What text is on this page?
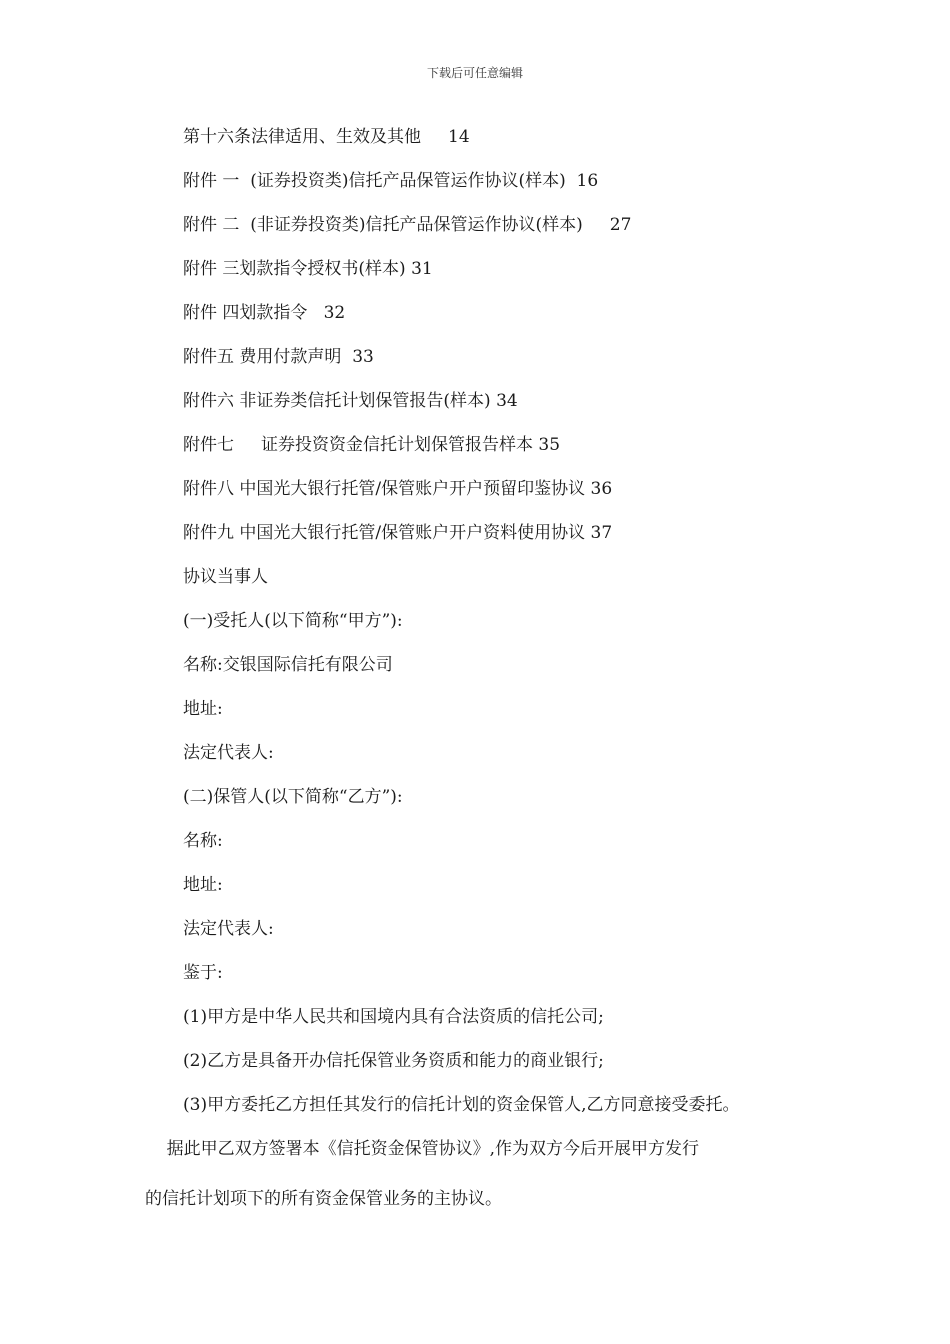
下载后可任意编辑
第十六条法律适用、生效及其他     14
附件 一  (证券投资类)信托产品保管运作协议(样本)  16
附件 二  (非证券投资类)信托产品保管运作协议(样本)     27
附件 三划款指令授权书(样本) 31
附件 四划款指令   32
附件五 费用付款声明  33
附件六 非证券类信托计划保管报告(样本) 34
附件七     证券投资资金信托计划保管报告样本 35
附件八 中国光大银行托管/保管账户开户预留印鉴协议 36
附件九 中国光大银行托管/保管账户开户资料使用协议 37
协议当事人
(一)受托人(以下简称“甲方”):
名称:交银国际信托有限公司
地址:
法定代表人:
(二)保管人(以下简称“乙方”):
名称:
地址:
法定代表人:
鉴于:
(1)甲方是中华人民共和国境内具有合法资质的信托公司;
(2)乙方是具备开办信托保管业务资质和能力的商业银行;
(3)甲方委托乙方担任其发行的信托计划的资金保管人,乙方同意接受委托。
据此甲乙双方签署本《信托资金保管协议》,作为双方今后开展甲方发行
的信托计划项下的所有资金保管业务的主协议。
